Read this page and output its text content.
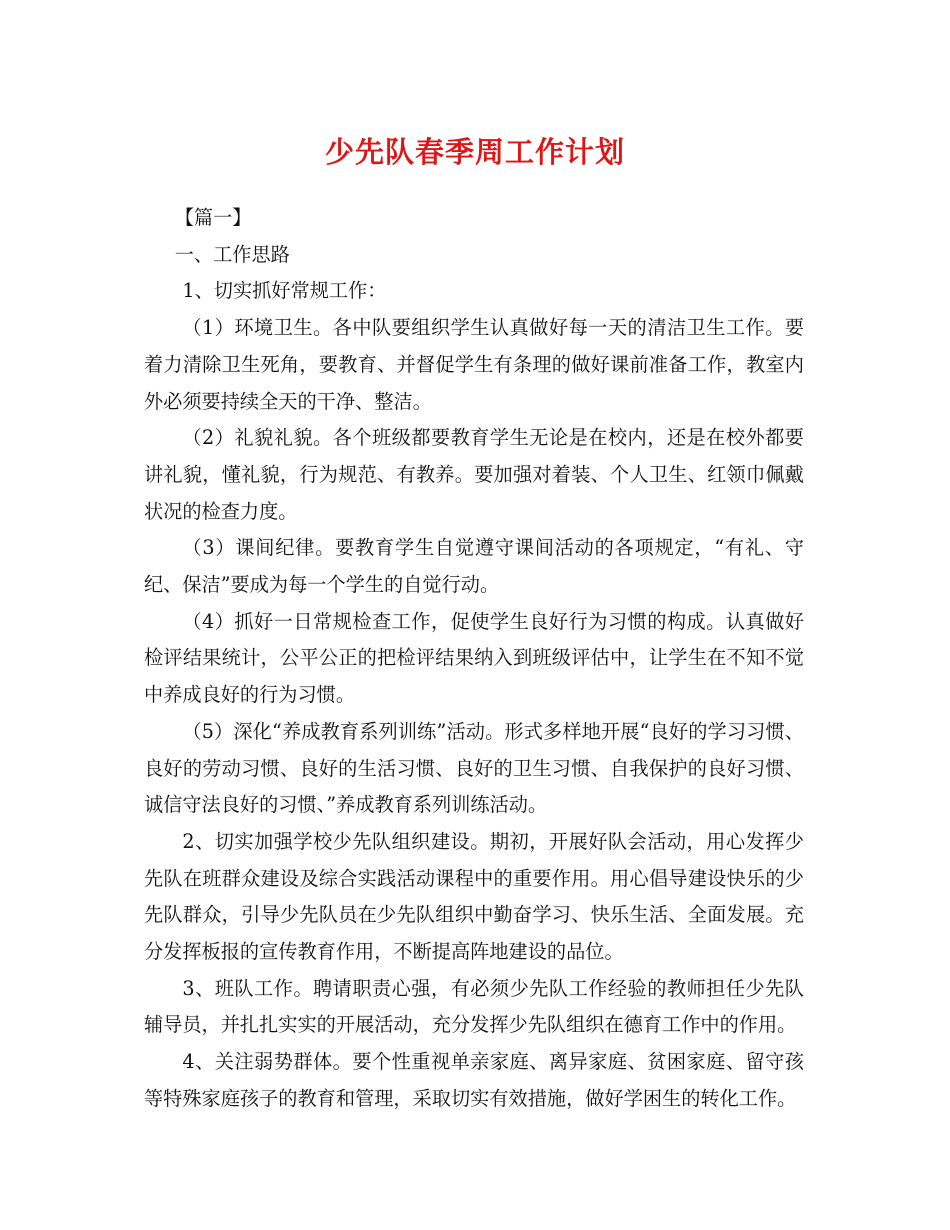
少先队春季周工作计划

【篇一】

一、工作思路

1、切实抓好常规工作：

（1）环境卫生。各中队要组织学生认真做好每一天的清洁卫生工作。要着力清除卫生死角，要教育、并督促学生有条理的做好课前准备工作，教室内外必须要持续全天的干净、整洁。

（2）礼貌礼貌。各个班级都要教育学生无论是在校内，还是在校外都要讲礼貌，懂礼貌，行为规范、有教养。要加强对着装、个人卫生、红领巾佩戴状况的检查力度。

（3）课间纪律。要教育学生自觉遵守课间活动的各项规定，“有礼、守纪、保洁”要成为每一个学生的自觉行动。

（4）抓好一日常规检查工作，促使学生良好行为习惯的构成。认真做好检评结果统计，公平公正的把检评结果纳入到班级评估中，让学生在不知不觉中养成良好的行为习惯。

（5）深化“养成教育系列训练”活动。形式多样地开展“良好的学习习惯、良好的劳动习惯、良好的生活习惯、良好的卫生习惯、自我保护的良好习惯、诚信守法良好的习惯、”养成教育系列训练活动。

2、切实加强学校少先队组织建设。期初，开展好队会活动，用心发挥少先队在班群众建设及综合实践活动课程中的重要作用。用心倡导建设快乐的少先队群众，引导少先队员在少先队组织中勤奋学习、快乐生活、全面发展。充分发挥板报的宣传教育作用，不断提高阵地建设的品位。

3、班队工作。聘请职责心强，有必须少先队工作经验的教师担任少先队辅导员，并扎扎实实的开展活动，充分发挥少先队组织在德育工作中的作用。

4、关注弱势群体。要个性重视单亲家庭、离异家庭、贫困家庭、留守孩等特殊家庭孩子的教育和管理，采取切实有效措施，做好学困生的转化工作。
